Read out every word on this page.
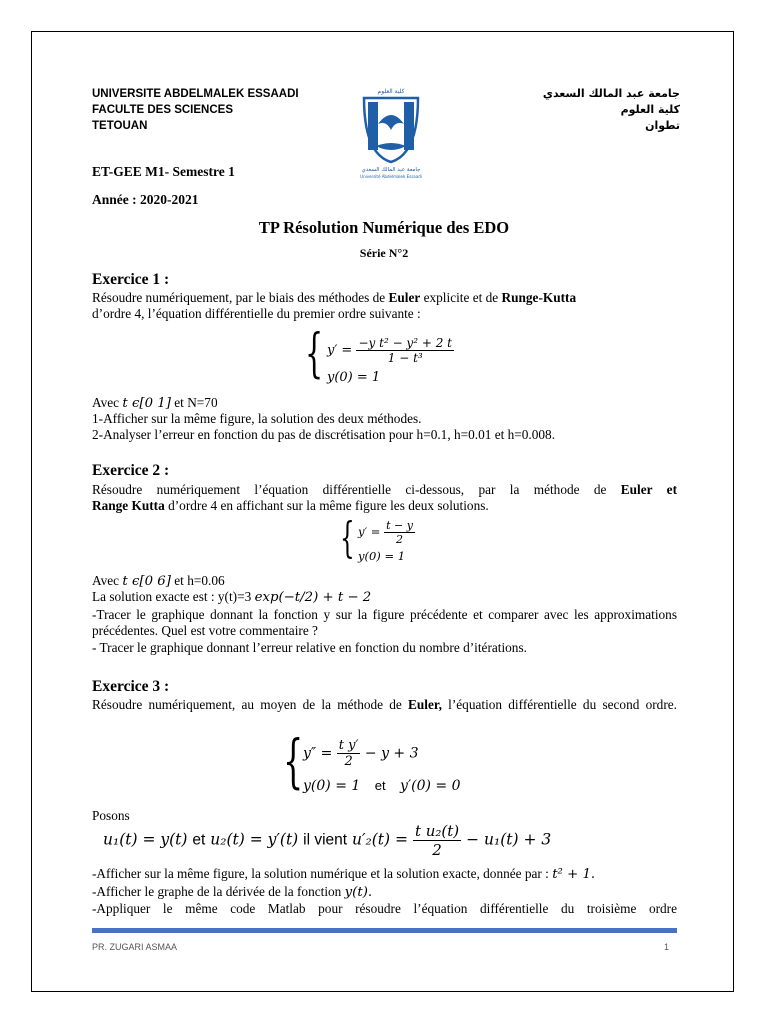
UNIVERSITE ABDELMALEK ESSAADI
FACULTE DES SCIENCES
TETOUAN
كلية العلوم
جامعة عبد المالك السعدي
Université Abdelmalek Essaadi
جامعة عبد المالك السعدي
كلية العلوم
تطوان
ET-GEE M1- Semestre 1
Année : 2020-2021
TP Résolution Numérique des EDO
Série N°2
Exercice 1 :
Résoudre numériquement, par le biais des méthodes de Euler explicite et de Runge-Kutta
d’ordre 4, l’équation différentielle du premier ordre suivante :
{ $y' = \frac{\text{−y t² − y² + 2 t}}{\text{1 − t³}}$
y(0) = 1
Avec t ϵ[0 1] et N=70
1-Afficher sur la même figure, la solution des deux méthodes.
2-Analyser l’erreur en fonction du pas de discrétisation pour h=0.1, h=0.01 et h=0.008.
Exercice 2 :
Résoudre numériquement l’équation différentielle ci-dessous, par la méthode de Euler et
Range Kutta d’ordre 4 en affichant sur la même figure les deux solutions.
{ $y' = \frac{t - y}{2}$
y(0) = 1
Avec t ϵ[0 6] et h=0.06
La solution exacte est : y(t)=3 exp(−t/2) + t − 2
-Tracer le graphique donnant la fonction y sur la figure précédente et comparer avec les approximations précédentes. Quel est votre commentaire ?
- Tracer le graphique donnant l’erreur relative en fonction du nombre d’itérations.
Exercice 3 :
Résoudre numériquement, au moyen de la méthode de Euler, l’équation différentielle du second ordre.
{ $y'' = \frac{\text{t y′}}{2} - y + 3$
y(0) = 1 et y′(0) = 0
Posons
u₁(t) = y(t) et u₂(t) = y′(t) il vient $u'_2(t) = \frac{\text{t u₂(t)}}{2} - u_1(t) + 3$
-Afficher sur la même figure, la solution numérique et la solution exacte, donnée par : t² + 1.
-Afficher le graphe de la dérivée de la fonction y(t).
-Appliquer le même code Matlab pour résoudre l’équation différentielle du troisième ordre
PR. ZUGARI ASMAA	1
